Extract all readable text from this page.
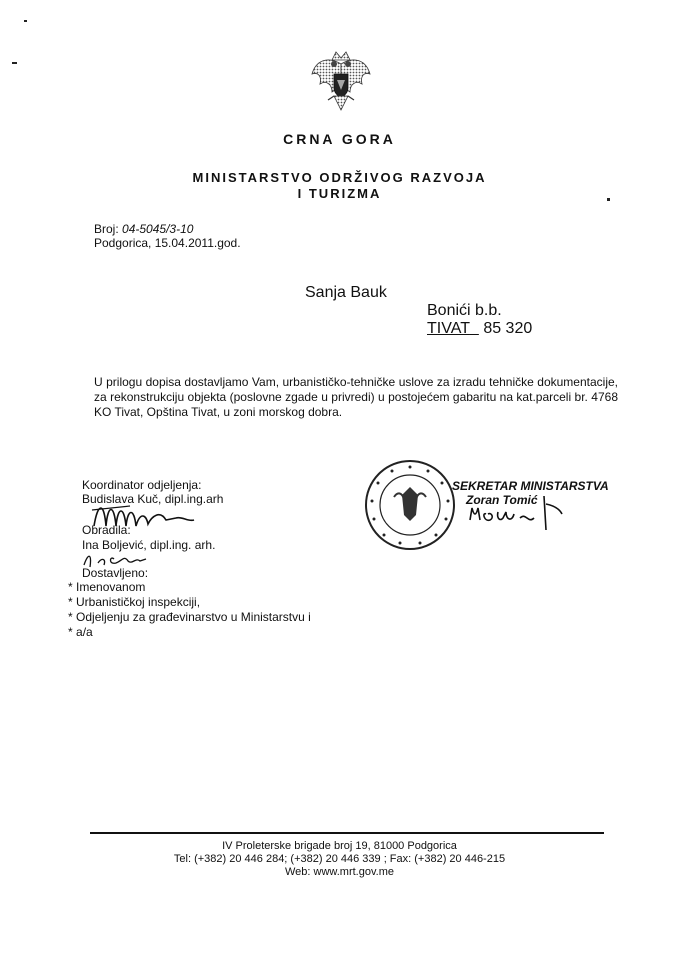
CRNA GORA
MINISTARSTVO ODRŽIVOG RAZVOJA
I TURIZMA
Broj: 04-5045/3-10
Podgorica, 15.04.2011.god.
Sanja Bauk
Bonići b.b.
TIVAT 85 320
U prilogu dopisa dostavljamo Vam, urbanističko-tehničke uslove za izradu tehničke dokumentacije, za rekonstrukciju objekta (poslovne zgade u privredi) u postojećem gabaritu na kat.parceli br. 4768 KO Tivat, Opština Tivat, u zoni morskog dobra.
Koordinator odjeljenja:
Budislava Kuč, dipl.ing.arh
Obradila:
Ina Boljević, dipl.ing. arh.
Dostavljeno:
* Imenovanom
* Urbanističkoj inspekciji,
* Odjeljenju za građevinarstvo u Ministarstvu i
* a/a
SEKRETAR MINISTARSTVA
Zoran Tomić
IV Proleterske brigade broj 19, 81000 Podgorica
Tel: (+382) 20 446 284; (+382) 20 446 339 ; Fax: (+382) 20 446-215
Web: www.mrt.gov.me
